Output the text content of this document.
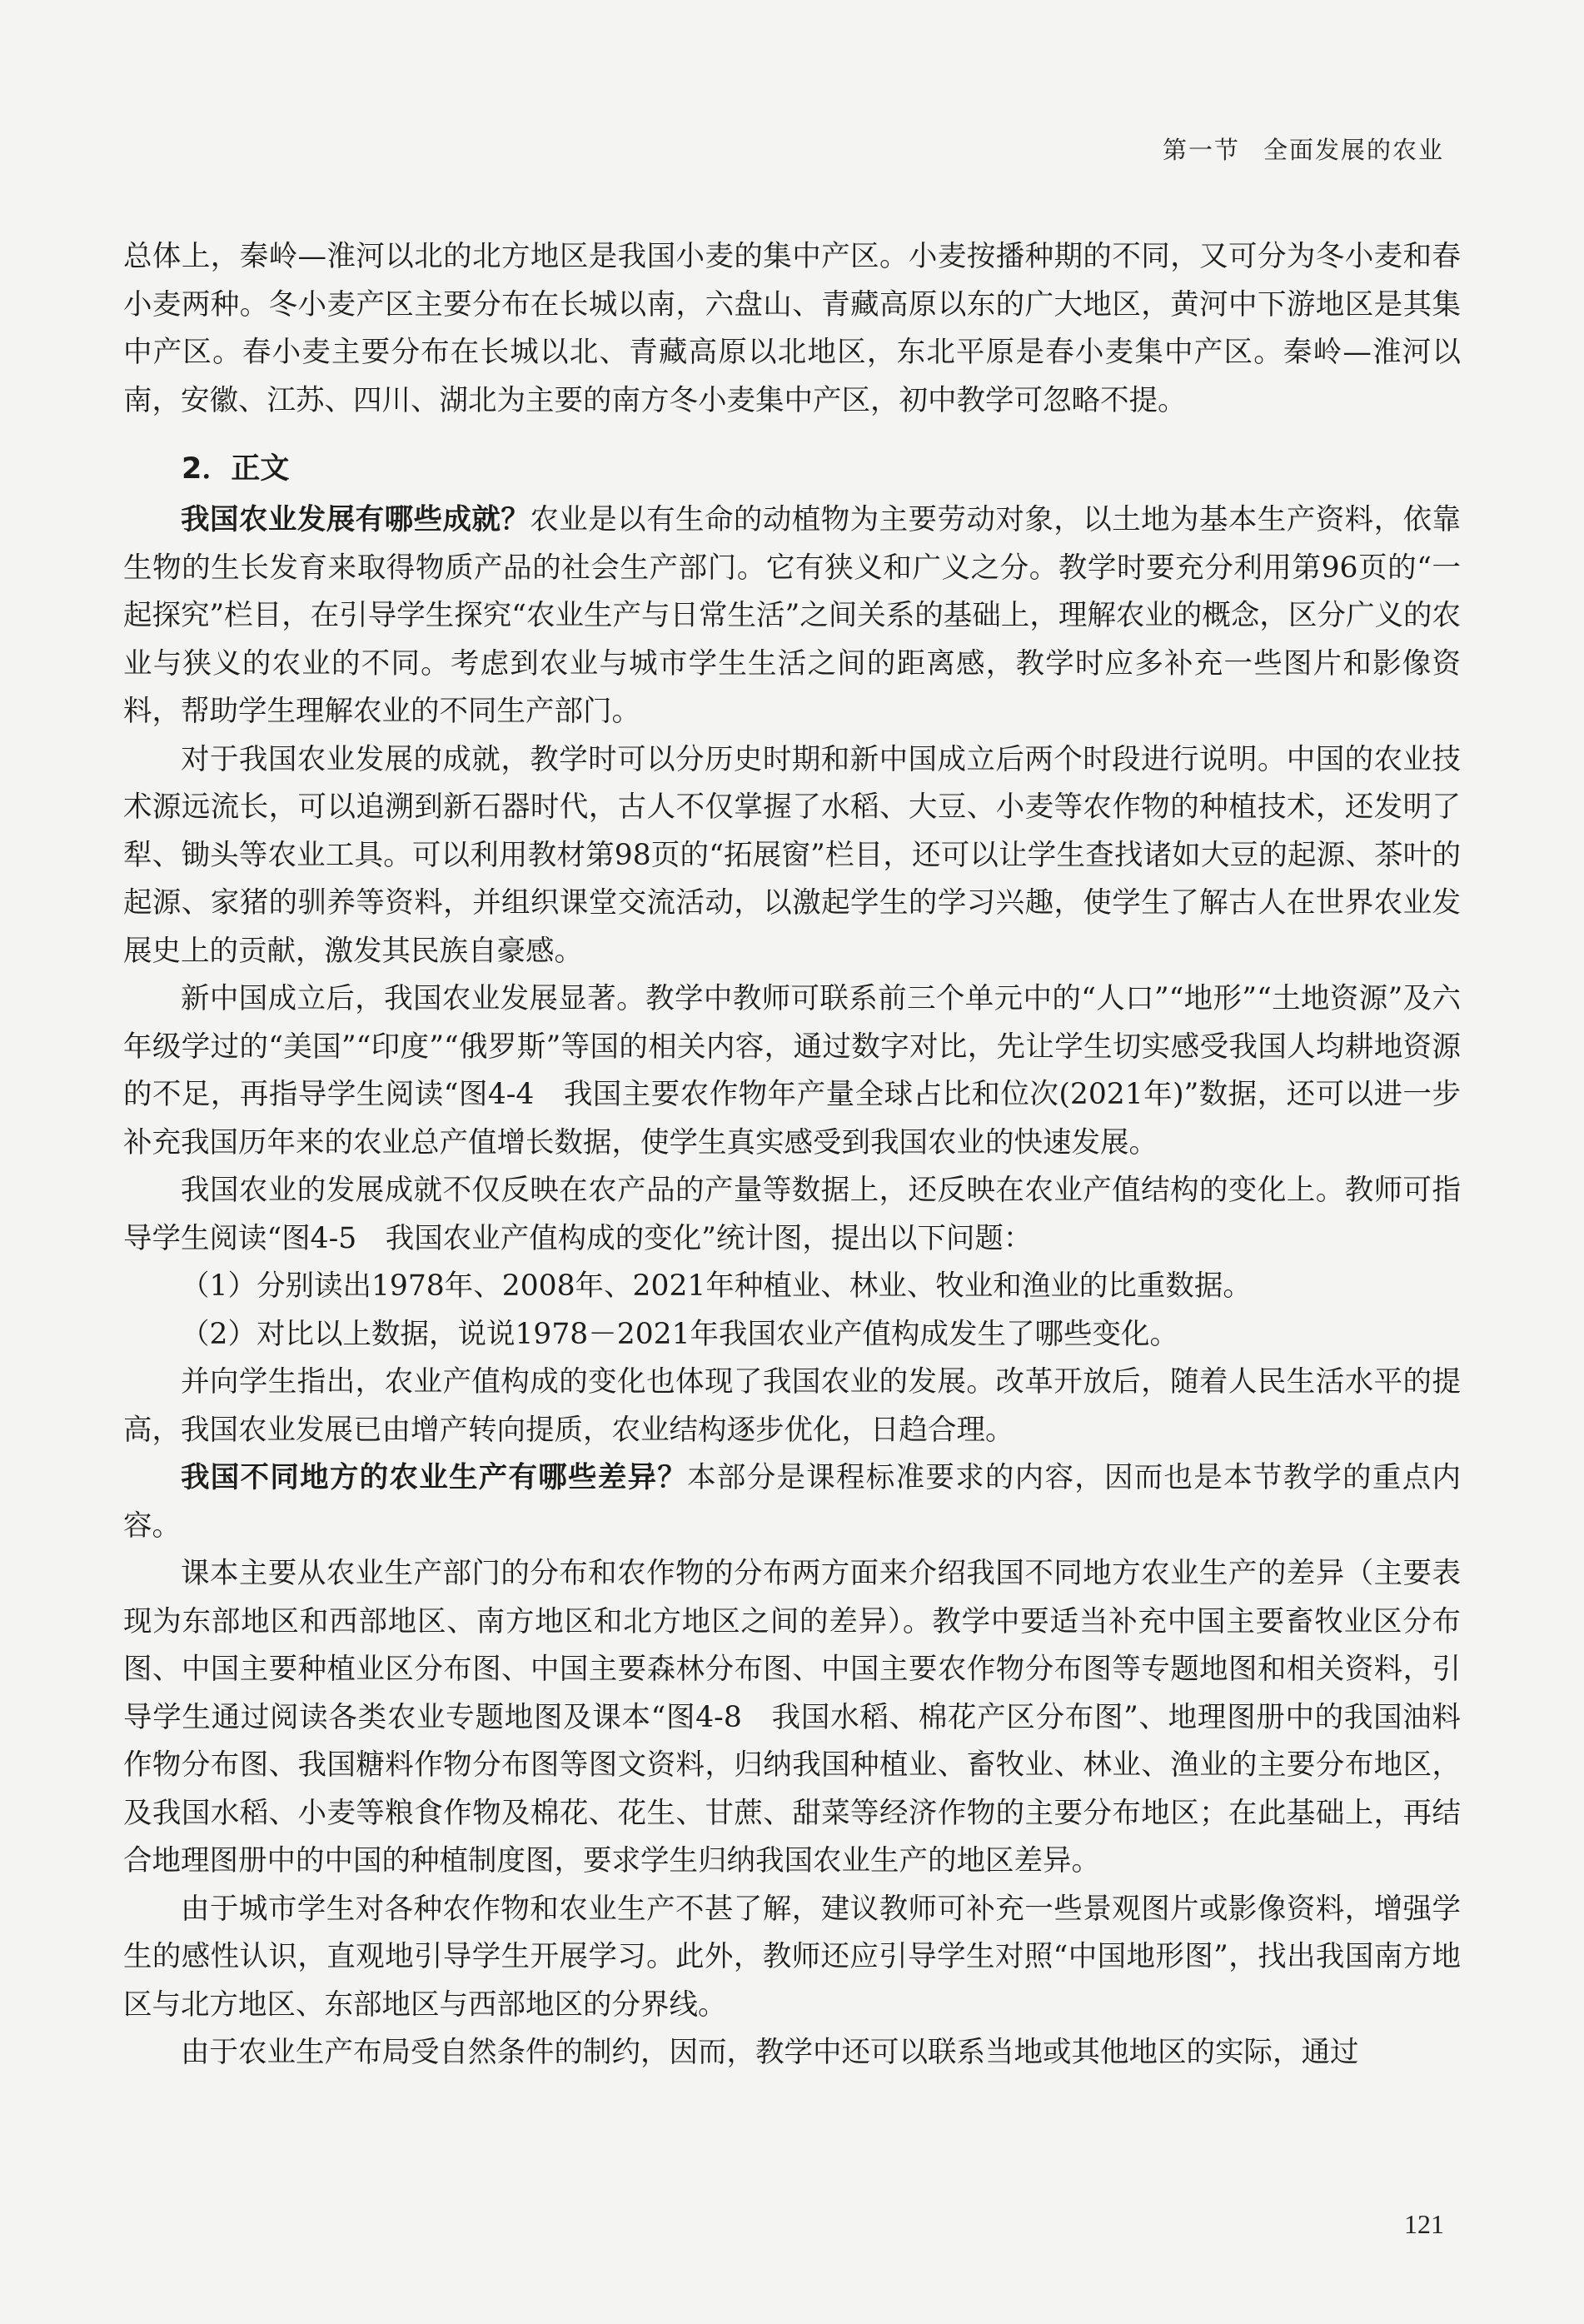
第一节 全面发展的农业

总体上，秦岭—淮河以北的北方地区是我国小麦的集中产区。小麦按播种期的不同，又可分为冬小麦和春小麦两种。冬小麦产区主要分布在长城以南，六盘山、青藏高原以东的广大地区，黄河中下游地区是其集中产区。春小麦主要分布在长城以北、青藏高原以北地区，东北平原是春小麦集中产区。秦岭—淮河以南，安徽、江苏、四川、湖北为主要的南方冬小麦集中产区，初中教学可忽略不提。

2．正文

我国农业发展有哪些成就？农业是以有生命的动植物为主要劳动对象，以土地为基本生产资料，依靠生物的生长发育来取得物质产品的社会生产部门。它有狭义和广义之分。教学时要充分利用第96页的“一起探究”栏目，在引导学生探究“农业生产与日常生活”之间关系的基础上，理解农业的概念，区分广义的农业与狭义的农业的不同。考虑到农业与城市学生生活之间的距离感，教学时应多补充一些图片和影像资料，帮助学生理解农业的不同生产部门。

对于我国农业发展的成就，教学时可以分历史时期和新中国成立后两个时段进行说明。中国的农业技术源远流长，可以追溯到新石器时代，古人不仅掌握了水稻、大豆、小麦等农作物的种植技术，还发明了犁、锄头等农业工具。可以利用教材第98页的“拓展窗”栏目，还可以让学生查找诸如大豆的起源、茶叶的起源、家猪的驯养等资料，并组织课堂交流活动，以激起学生的学习兴趣，使学生了解古人在世界农业发展史上的贡献，激发其民族自豪感。

新中国成立后，我国农业发展显著。教学中教师可联系前三个单元中的“人口”“地形”“土地资源”及六年级学过的“美国”“印度”“俄罗斯”等国的相关内容，通过数字对比，先让学生切实感受我国人均耕地资源的不足，再指导学生阅读“图4-4　我国主要农作物年产量全球占比和位次(2021年)”数据，还可以进一步补充我国历年来的农业总产值增长数据，使学生真实感受到我国农业的快速发展。

我国农业的发展成就不仅反映在农产品的产量等数据上，还反映在农业产值结构的变化上。教师可指导学生阅读“图4-5　我国农业产值构成的变化”统计图，提出以下问题：

（1）分别读出1978年、2008年、2021年种植业、林业、牧业和渔业的比重数据。

（2）对比以上数据，说说1978－2021年我国农业产值构成发生了哪些变化。

并向学生指出，农业产值构成的变化也体现了我国农业的发展。改革开放后，随着人民生活水平的提高，我国农业发展已由增产转向提质，农业结构逐步优化，日趋合理。

我国不同地方的农业生产有哪些差异？本部分是课程标准要求的内容，因而也是本节教学的重点内容。

课本主要从农业生产部门的分布和农作物的分布两方面来介绍我国不同地方农业生产的差异（主要表现为东部地区和西部地区、南方地区和北方地区之间的差异）。教学中要适当补充中国主要畜牧业区分布图、中国主要种植业区分布图、中国主要森林分布图、中国主要农作物分布图等专题地图和相关资料，引导学生通过阅读各类农业专题地图及课本“图4-8　我国水稻、棉花产区分布图”、地理图册中的我国油料作物分布图、我国糖料作物分布图等图文资料，归纳我国种植业、畜牧业、林业、渔业的主要分布地区，及我国水稻、小麦等粮食作物及棉花、花生、甘蔗、甜菜等经济作物的主要分布地区；在此基础上，再结合地理图册中的中国的种植制度图，要求学生归纳我国农业生产的地区差异。

由于城市学生对各种农作物和农业生产不甚了解，建议教师可补充一些景观图片或影像资料，增强学生的感性认识，直观地引导学生开展学习。此外，教师还应引导学生对照“中国地形图”，找出我国南方地区与北方地区、东部地区与西部地区的分界线。

由于农业生产布局受自然条件的制约，因而，教学中还可以联系当地或其他地区的实际，通过

121
